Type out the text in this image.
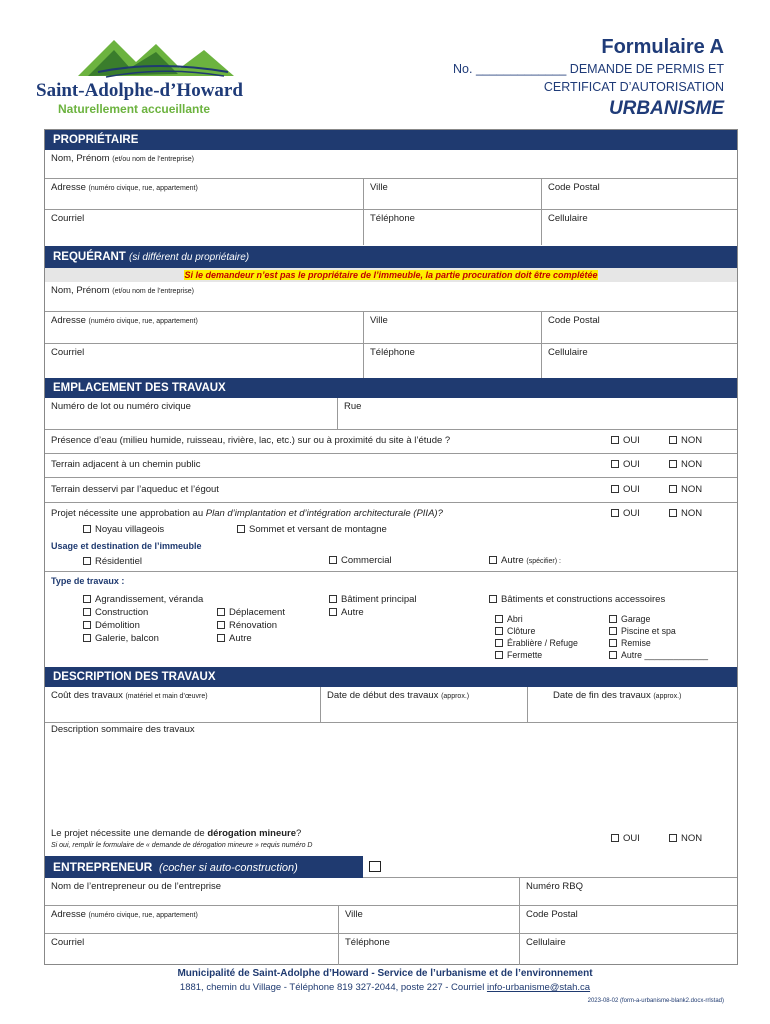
Saint-Adolphe-d’Howard
Naturellement accueillante
Formulaire A
No. _____________ DEMANDE DE PERMIS ET
CERTIFICAT D’AUTORISATION
URBANISME
PROPRIÉTAIRE
Nom, Prénom (et/ou nom de l’entreprise)
Adresse (numéro civique, rue, appartement)	Ville	Code Postal
Courriel	Téléphone	Cellulaire
REQUÉRANT (si différent du propriétaire)
Si le demandeur n’est pas le propriétaire de l’immeuble, la partie procuration doit être complétée
Nom, Prénom (et/ou nom de l’entreprise)
Adresse (numéro civique, rue, appartement)	Ville	Code Postal
Courriel	Téléphone	Cellulaire
EMPLACEMENT DES TRAVAUX
Numéro de lot ou numéro civique	Rue
Présence d’eau (milieu humide, ruisseau, rivière, lac, etc.) sur ou à proximité du site à l’étude ?	OUI	NON
Terrain adjacent à un chemin public	OUI	NON
Terrain desservi par l’aqueduc et l’égout	OUI	NON
Projet nécessite une approbation au Plan d’implantation et d’intégration architecturale (PIIA)?	OUI	NON
Noyau villageois	Sommet et versant de montagne
Usage et destination de l’immeuble
Résidentiel	Commercial	Autre (spécifier) :
Type de travaux :
Agrandissement, véranda
Construction
Démolition
Galerie, balcon
Déplacement
Rénovation
Autre
Bâtiment principal
Autre
Bâtiments et constructions accessoires
Abri
Clôture
Érablière / Refuge
Fermette
Garage
Piscine et spa
Remise
Autre _____________
DESCRIPTION DES TRAVAUX
Coût des travaux (matériel et main d’œuvre)	Date de début des travaux (approx.)	Date de fin des travaux (approx.)
Description sommaire des travaux
Le projet nécessite une demande de dérogation mineure?
Si oui, remplir le formulaire de « demande de dérogation mineure » requis numéro D
OUI	NON
ENTREPRENEUR (cocher si auto-construction)
Nom de l’entrepreneur ou de l’entreprise	Numéro RBQ
Adresse (numéro civique, rue, appartement)	Ville	Code Postal
Courriel	Téléphone	Cellulaire
Municipalité de Saint-Adolphe d’Howard - Service de l’urbanisme et de l’environnement
1881, chemin du Village - Téléphone 819 327-2044, poste 227 - Courriel info-urbanisme@stah.ca
2023-08-02 (form-a-urbanisme-blank2.docx-rrlstad)
